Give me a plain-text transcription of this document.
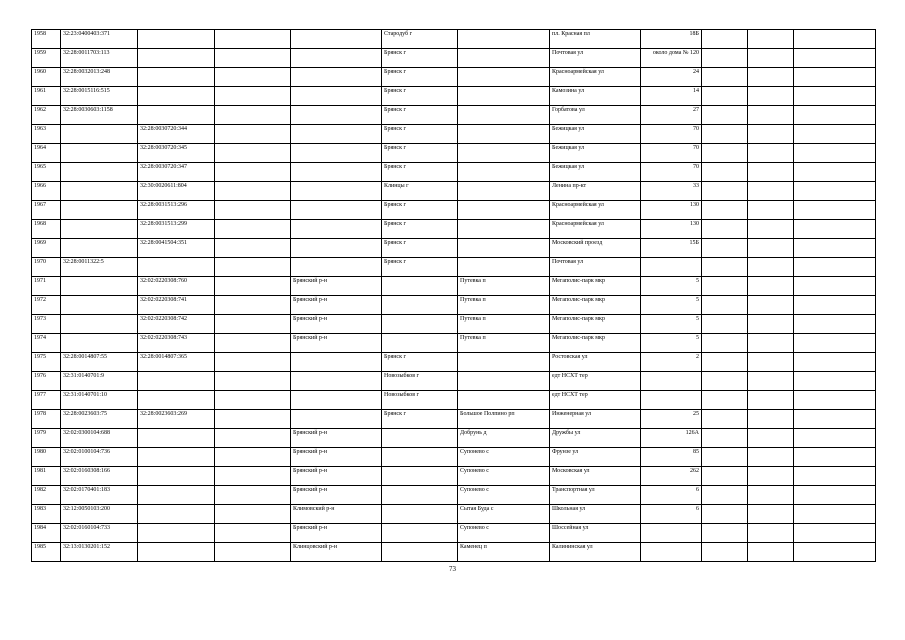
1958	32:23:0400403:371				Стародуб г		пл. Красная пл	18Б			
1959	32:28:0011703:113				Брянск г		Почтовая ул	около дома № 120			
1960	32:28:0032013:248				Брянск г		Красноармейская ул	24			
1961	32:28:0015116:515				Брянск г		Камозина ул	14			
1962	32:28:0030603:1158				Брянск г		Горбатова ул	27			
1963		32:28:0030720:344			Брянск г		Бежицкая ул	70			
1964		32:28:0030720:345			Брянск г		Бежицкая ул	70			
1965		32:28:0030720:347			Брянск г		Бежицкая ул	70			
1966		32:30:0020611:804			Клинцы г		Ленина пр-кт	33			
1967		32:28:0031513:296			Брянск г		Красноармейская ул	130			
1968		32:28:0031513:299			Брянск г		Красноармейская ул	130			
1969		32:28:0041504:351			Брянск г		Московский проезд	15Б			
1970	32:28:0011322:5				Брянск г		Почтовая ул				
1971		32:02:0220308:760		Брянский р-н		Путевка п	Мегаполис-парк мкр	5			
1972		32:02:0220308:741		Брянский р-н		Путевка п	Мегаполис-парк мкр	5			
1973		32:02:0220308:742		Брянский р-н		Путевка п	Мегаполис-парк мкр	5			
1974		32:02:0220308:743		Брянский р-н		Путевка п	Мегаполис-парк мкр	5			
1975	32:28:0014807:55	32:28:0014807:365			Брянск г		Ростовская ул	2			
1976	32:31:0140701:9				Новозыбков г		едт НСХТ тер				
1977	32:31:0140701:10				Новозыбков г		едт НСХТ тер				
1978	32:28:0023603:75	32:28:0023603:269			Брянск г	Большое Полпино рп	Инженерная ул	25			
1979	32:02:0300104:688			Брянский р-н		Добрунь д	Дружбы ул	126А			
1980	32:02:0100104:736			Брянский р-н		Супонево с	Фрунзе ул	85			
1981	32:02:0160308:166			Брянский р-н		Супонево с	Московская ул	262			
1982	32:02:0170401:183			Брянский р-н		Супонево с	Транспортная ул	6			
1983	32:12:0050103:200			Климовский р-н		Сытая Буда с	Школьная ул	6			
1984	32:02:0160104:733			Брянский р-н		Супонево с	Шоссейная ул				
1985	32:13:0130201:152			Клинцовский р-н		Каменец п	Калининская ул				
73
